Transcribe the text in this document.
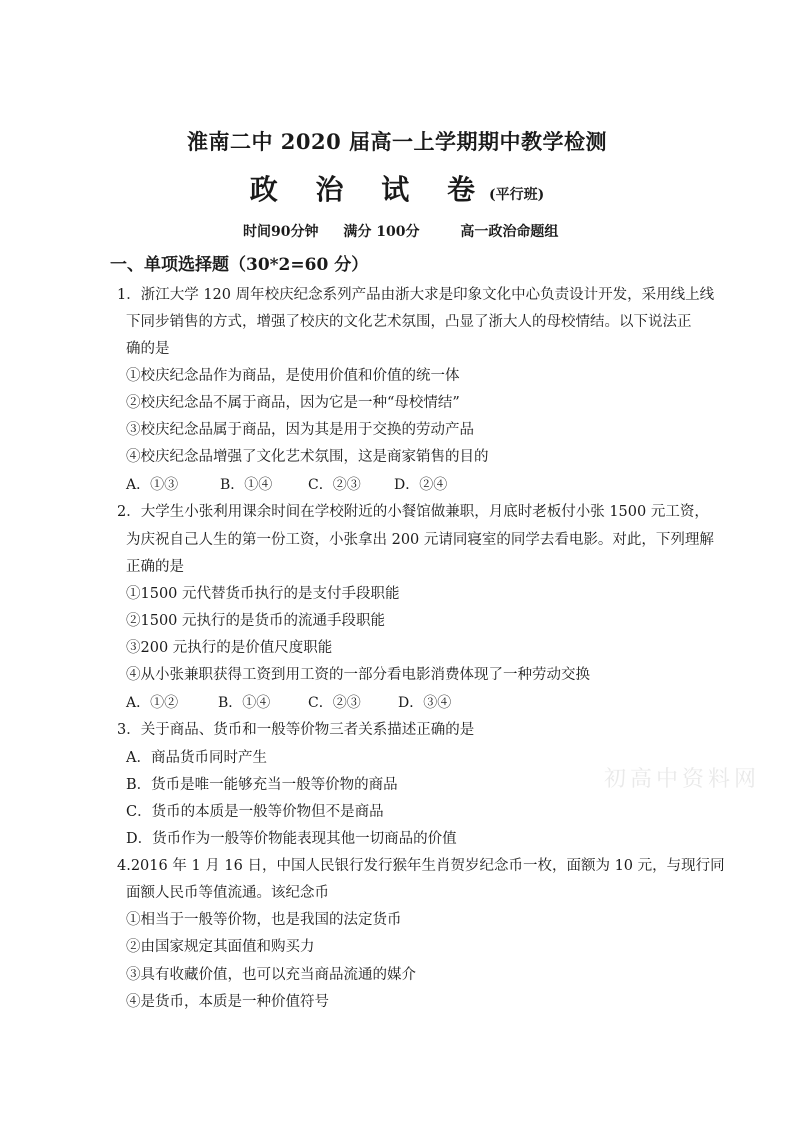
淮南二中 2020 届高一上学期期中教学检测
政 治 试 卷(平行班)
时间90分钟 满分 100分	高一政治命题组
一、单项选择题（30*2=60 分）
1．浙江大学 120 周年校庆纪念系列产品由浙大求是印象文化中心负责设计开发，采用线上线
下同步销售的方式，增强了校庆的文化艺术氛围，凸显了浙大人的母校情结。以下说法正
确的是
①校庆纪念品作为商品，是使用价值和价值的统一体
②校庆纪念品不属于商品，因为它是一种“母校情结”
③校庆纪念品属于商品，因为其是用于交换的劳动产品
④校庆纪念品增强了文化艺术氛围，这是商家销售的目的
A．①③	B．①④	C．②③ D．②④
2．大学生小张利用课余时间在学校附近的小餐馆做兼职，月底时老板付小张 1500 元工资，
为庆祝自己人生的第一份工资，小张拿出 200 元请同寝室的同学去看电影。对此，下列理解
正确的是
①1500 元代替货币执行的是支付手段职能
②1500 元执行的是货币的流通手段职能
③200 元执行的是价值尺度职能
④从小张兼职获得工资到用工资的一部分看电影消费体现了一种劳动交换
A．①②	B．①④	C．②③	D．③④
3．关于商品、货币和一般等价物三者关系描述正确的是
A．商品货币同时产生
B．货币是唯一能够充当一般等价物的商品
C．货币的本质是一般等价物但不是商品
D．货币作为一般等价物能表现其他一切商品的价值
4.2016 年 1 月 16 日，中国人民银行发行猴年生肖贺岁纪念币一枚，面额为 10 元，与现行同
面额人民币等值流通。该纪念币
①相当于一般等价物，也是我国的法定货币
②由国家规定其面值和购买力
③具有收藏价值，也可以充当商品流通的媒介
④是货币，本质是一种价值符号
初高中资料网
